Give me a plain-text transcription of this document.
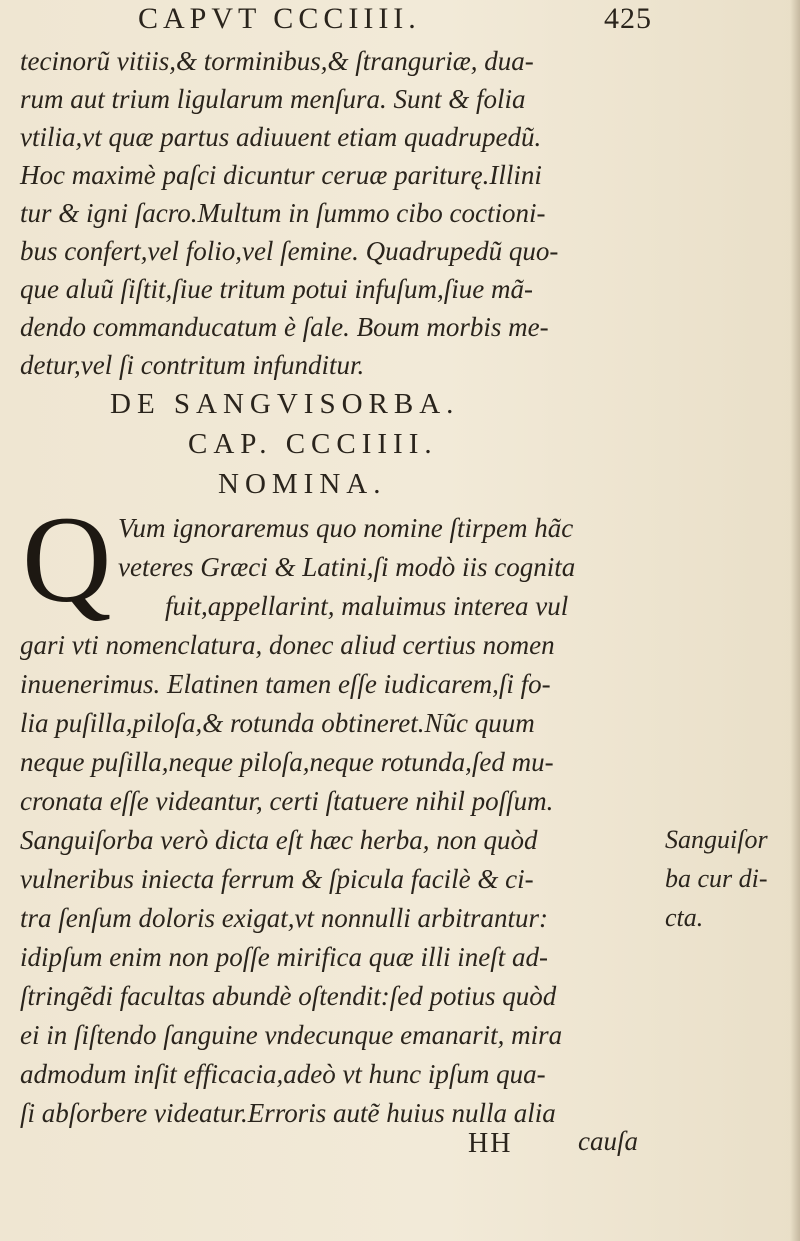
CAPVT CCCIIII.	425
tecinorũ vitiis,& torminibus,& ſtranguriæ, dua-
rum aut trium ligularum menſura. Sunt & folia
vtilia,vt quæ partus adiuuent etiam quadrupedũ.
Hoc maximè paſci dicuntur ceruæ pariturę.Illini
tur & igni ſacro.Multum in ſummo cibo coctioni-
bus confert,vel folio,vel ſemine. Quadrupedũ quo-
que aluũ ſiſtit,ſiue tritum potui infuſum,ſiue mã-
dendo commanducatum è ſale. Boum morbis me-
detur,vel ſi contritum infunditur.
DE SANGVISORBA.
CAP. CCCIIII.
NOMINA.
Q Vum ignoraremus quo nomine ſtirpem hãc
veteres Græci & Latini,ſi modò iis cognita
fuit,appellarint, maluimus interea vul
gari vti nomenclatura, donec aliud certius nomen
inuenerimus. Elatinen tamen eſſe iudicarem,ſi fo-
lia puſilla,piloſa,& rotunda obtineret.Nũc quum
neque puſilla,neque piloſa,neque rotunda,ſed mu-
cronata eſſe videantur, certi ſtatuere nihil poſſum.
Sanguiſorba verò dicta eſt hæc herba, non quòd
vulneribus iniecta ferrum & ſpicula facilè & ci-
tra ſenſum doloris exigat,vt nonnulli arbitrantur:
idipſum enim non poſſe mirifica quæ illi ineſt ad-
ſtringẽdi facultas abundè oſtendit:ſed potius quòd
ei in ſiſtendo ſanguine vndecunque emanarit, mira
admodum inſit efficacia,adeò vt hunc ipſum qua-
ſi abſorbere videatur.Erroris autẽ huius nulla alia
Sanguiſor
ba cur di-
cta.
HH cauſa
